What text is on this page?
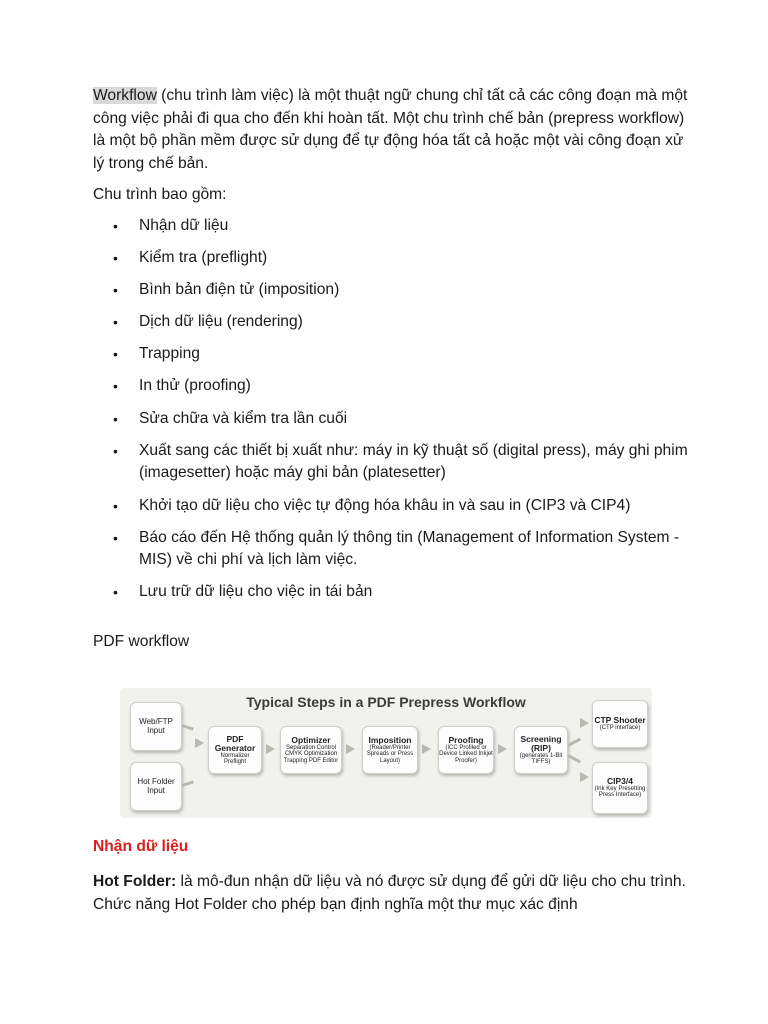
Workflow (chu trình làm việc) là một thuật ngữ chung chỉ tất cả các công đoạn mà một công việc phải đi qua cho đến khi hoàn tất. Một chu trình chế bản (prepress workflow) là một bộ phần mềm được sử dụng để tự động hóa tất cả hoặc một vài công đoạn xử lý trong chế bản.

Chu trình bao gồm:

• Nhận dữ liệu
• Kiểm tra (preflight)
• Bình bản điện tử (imposition)
• Dịch dữ liệu (rendering)
• Trapping
• In thử (proofing)
• Sửa chữa và kiểm tra lần cuối
• Xuất sang các thiết bị xuất như: máy in kỹ thuật số (digital press), máy ghi phim (imagesetter) hoặc máy ghi bản (platesetter)
• Khởi tạo dữ liệu cho việc tự động hóa khâu in và sau in (CIP3 và CIP4)
• Báo cáo đến Hệ thống quản lý thông tin (Management of Information System - MIS) về chi phí và lịch làm việc.
• Lưu trữ dữ liệu cho việc in tái bản

PDF workflow

Typical Steps in a PDF Prepress Workflow
Web/FTP Input
Hot Folder Input
PDF Generator
Normalizer Preflight
Optimizer
Separation Control CMYK Optimization Trapping PDF Editor
Imposition
(Reader/Printer Spreads or Press Layout)
Proofing
(ICC Profiled or Device Linked Inkjet Proofer)
Screening (RIP)
(generates 1-Bit TIFFS)
CTP Shooter
(CTP interface)
CIP3/4
(Ink Key Presetting Press Interface)
Nhận dữ liệu

Hot Folder: là mô-đun nhận dữ liệu và nó được sử dụng để gửi dữ liệu cho chu trình. Chức năng Hot Folder cho phép bạn định nghĩa một thư mục xác định
